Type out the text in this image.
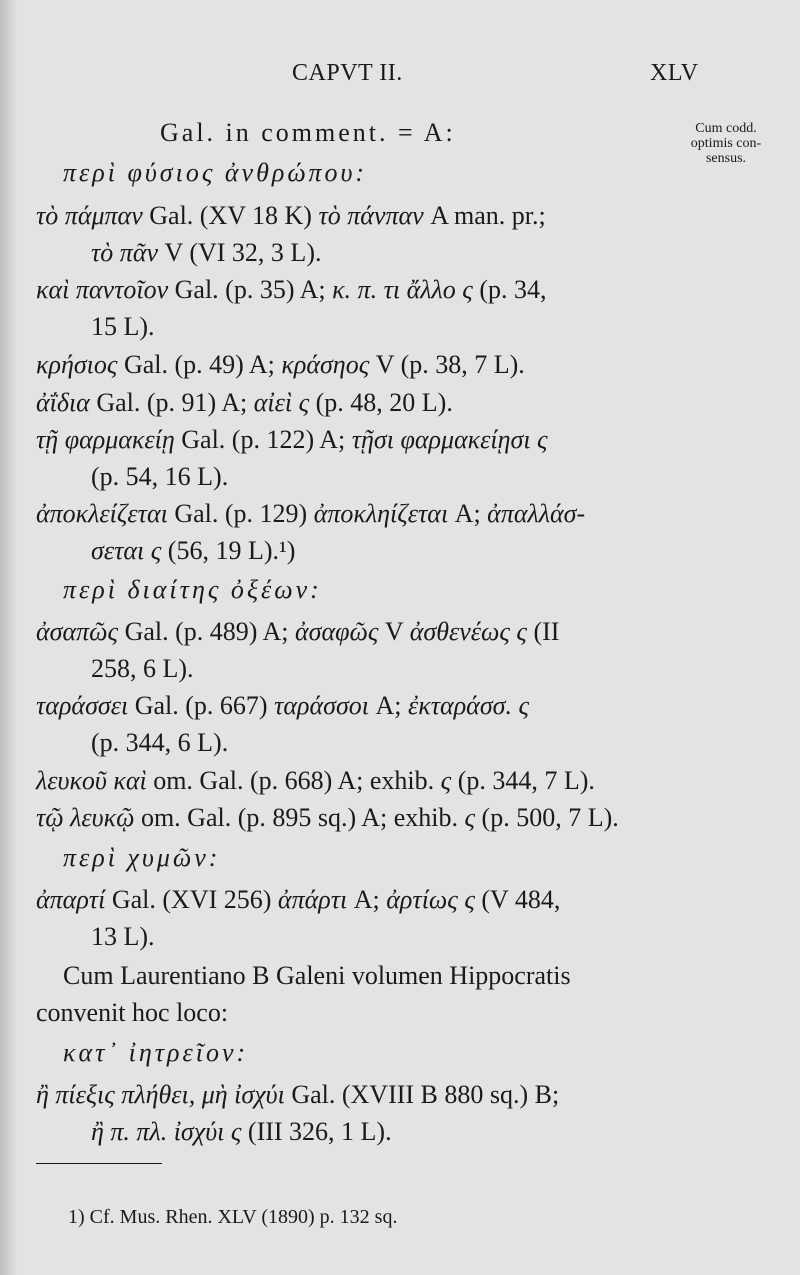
CAPVT II.	XLV
Cum codd.
optimis con-
sensus.
Gal. in comment. = A:
περὶ φύσιος ἀνθρώπου:
τὸ πάμπαν Gal. (XV 18 K) τὸ πάνπαν A man. pr.;
τὸ πᾶν V (VI 32, 3 L).
καὶ παντοῖον Gal. (p. 35) A; κ. π. τι ἄλλο ς (p. 34,
15 L).
κρήσιος Gal. (p. 49) A; κράσηος V (p. 38, 7 L).
ἀΐδια Gal. (p. 91) A; αἰεὶ ς (p. 48, 20 L).
τῇ φαρμακείῃ Gal. (p. 122) A; τῇσι φαρμακείῃσι ς
(p. 54, 16 L).
ἀποκλείζεται Gal. (p. 129) ἀποκληίζεται A; ἀπαλλάσ-
σεται ς (56, 19 L).¹)
περὶ διαίτης ὀξέων:
ἀσαπῶς Gal. (p. 489) A; ἀσαφῶς V ἀσθενέως ς (II
258, 6 L).
ταράσσει Gal. (p. 667) ταράσσοι A; ἐκταράσσ. ς
(p. 344, 6 L).
λευκοῦ καὶ om. Gal. (p. 668) A; exhib. ς (p. 344, 7 L).
τῷ λευκῷ om. Gal. (p. 895 sq.) A; exhib. ς (p. 500, 7 L).
περὶ χυμῶν:
ἀπαρτί Gal. (XVI 256) ἀπάρτι A; ἀρτίως ς (V 484,
13 L).
Cum Laurentiano B Galeni volumen Hippocratis
convenit hoc loco:
κατ᾽ ἰητρεῖον:
ἢ πίεξις πλήθει, μὴ ἰσχύι Gal. (XVIII B 880 sq.) B;
ἢ π. πλ. ἰσχύι ς (III 326, 1 L).
1) Cf. Mus. Rhen. XLV (1890) p. 132 sq.
